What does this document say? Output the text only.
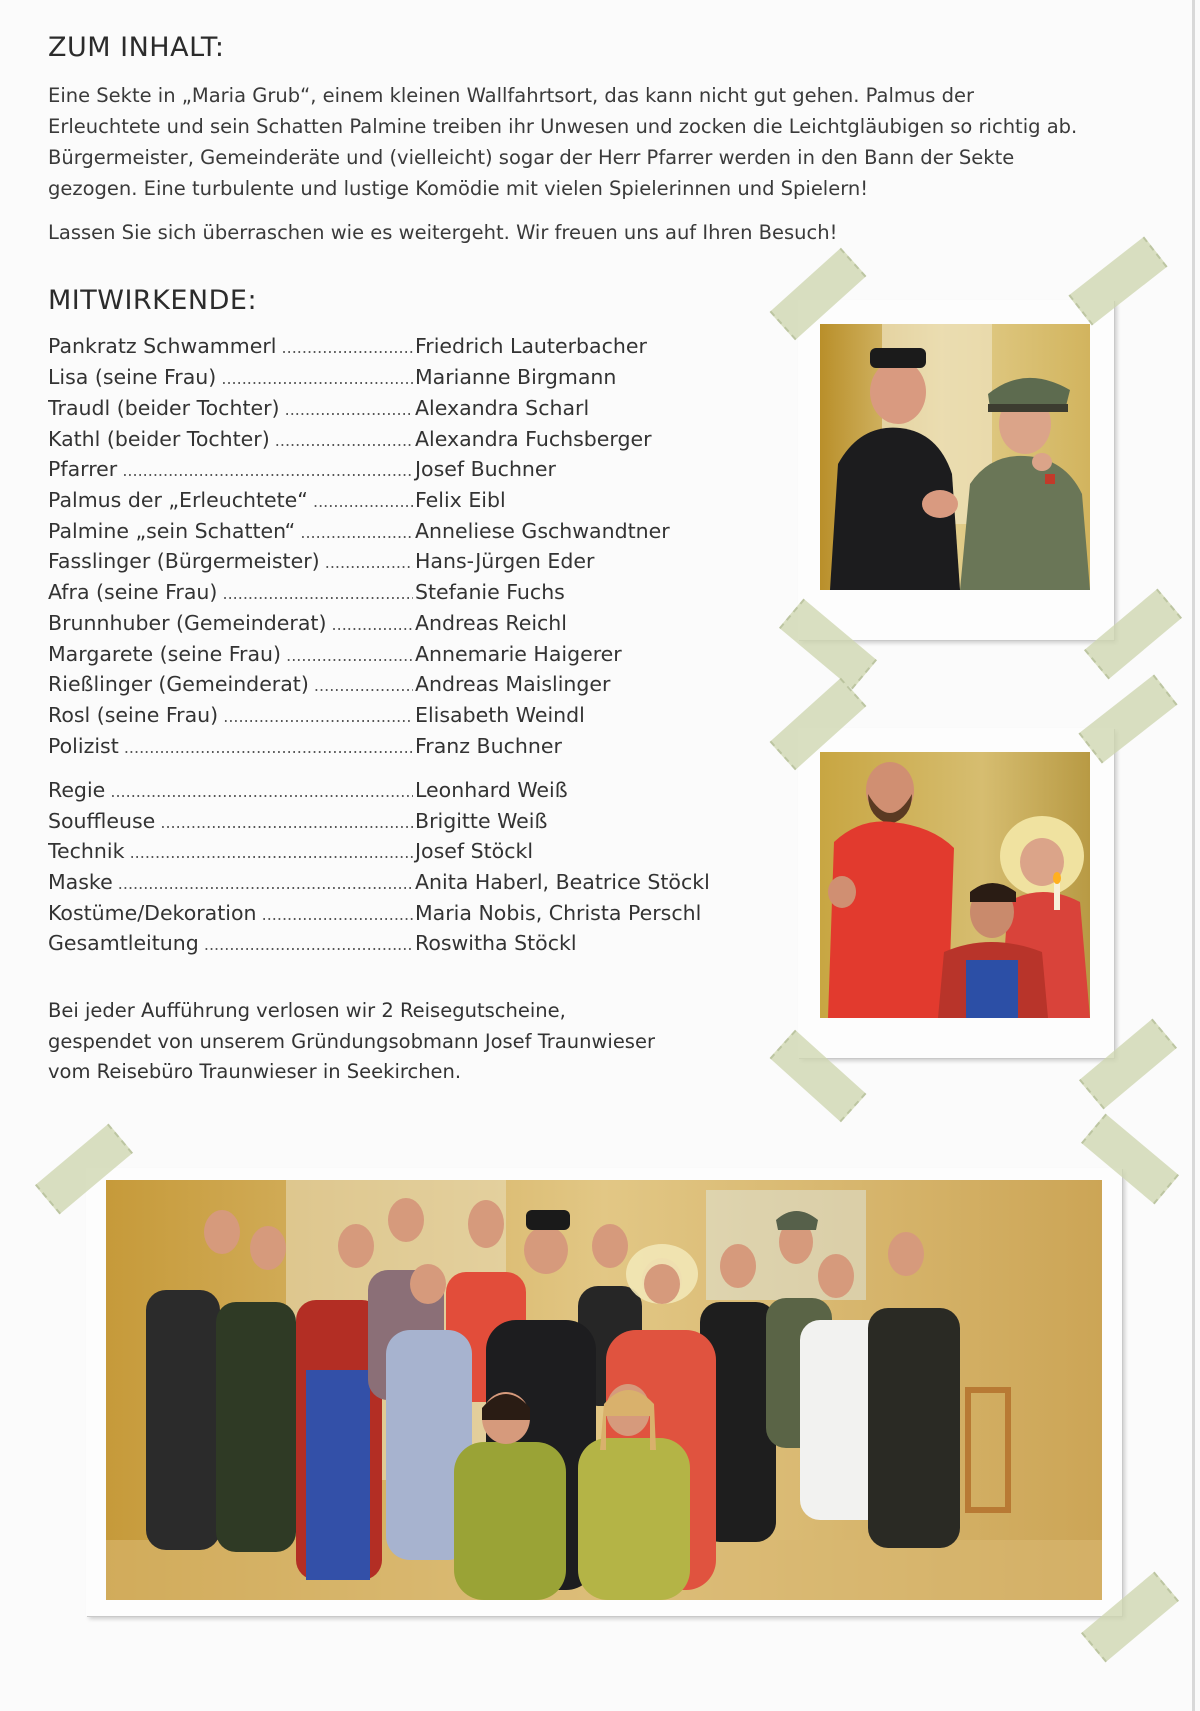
ZUM INHALT:

Eine Sekte in „Maria Grub“, einem kleinen Wallfahrtsort, das kann nicht gut gehen. Palmus der
Erleuchtete und sein Schatten Palmine treiben ihr Unwesen und zocken die Leichtgläubigen so richtig ab.
Bürgermeister, Gemeinderäte und (vielleicht) sogar der Herr Pfarrer werden in den Bann der Sekte
gezogen. Eine turbulente und lustige Komödie mit vielen Spielerinnen und Spielern!

Lassen Sie sich überraschen wie es weitergeht. Wir freuen uns auf Ihren Besuch!

MITWIRKENDE:
Pankratz Schwammerl .....	Friedrich Lauterbacher
Lisa (seine Frau) .....	Marianne Birgmann
Traudl (beider Tochter) .....	Alexandra Scharl
Kathl (beider Tochter) .....	Alexandra Fuchsberger
Pfarrer .....	Josef Buchner
Palmus der „Erleuchtete“ .....	Felix Eibl
Palmine „sein Schatten“ .....	Anneliese Gschwandtner
Fasslinger (Bürgermeister) .....	Hans-Jürgen Eder
Afra (seine Frau) .....	Stefanie Fuchs
Brunnhuber (Gemeinderat) .....	Andreas Reichl
Margarete (seine Frau) .....	Annemarie Haigerer
Rießlinger (Gemeinderat) .....	Andreas Maislinger
Rosl (seine Frau) .....	Elisabeth Weindl
Polizist .....	Franz Buchner
Regie .....	Leonhard Weiß
Souffleuse .....	Brigitte Weiß
Technik .....	Josef Stöckl
Maske .....	Anita Haberl, Beatrice Stöckl
Kostüme/Dekoration .....	Maria Nobis, Christa Perschl
Gesamtleitung .....	Roswitha Stöckl

Bei jeder Aufführung verlosen wir 2 Reisegutscheine,
gespendet von unserem Gründungsobmann Josef Traunwieser
vom Reisebüro Traunwieser in Seekirchen.
